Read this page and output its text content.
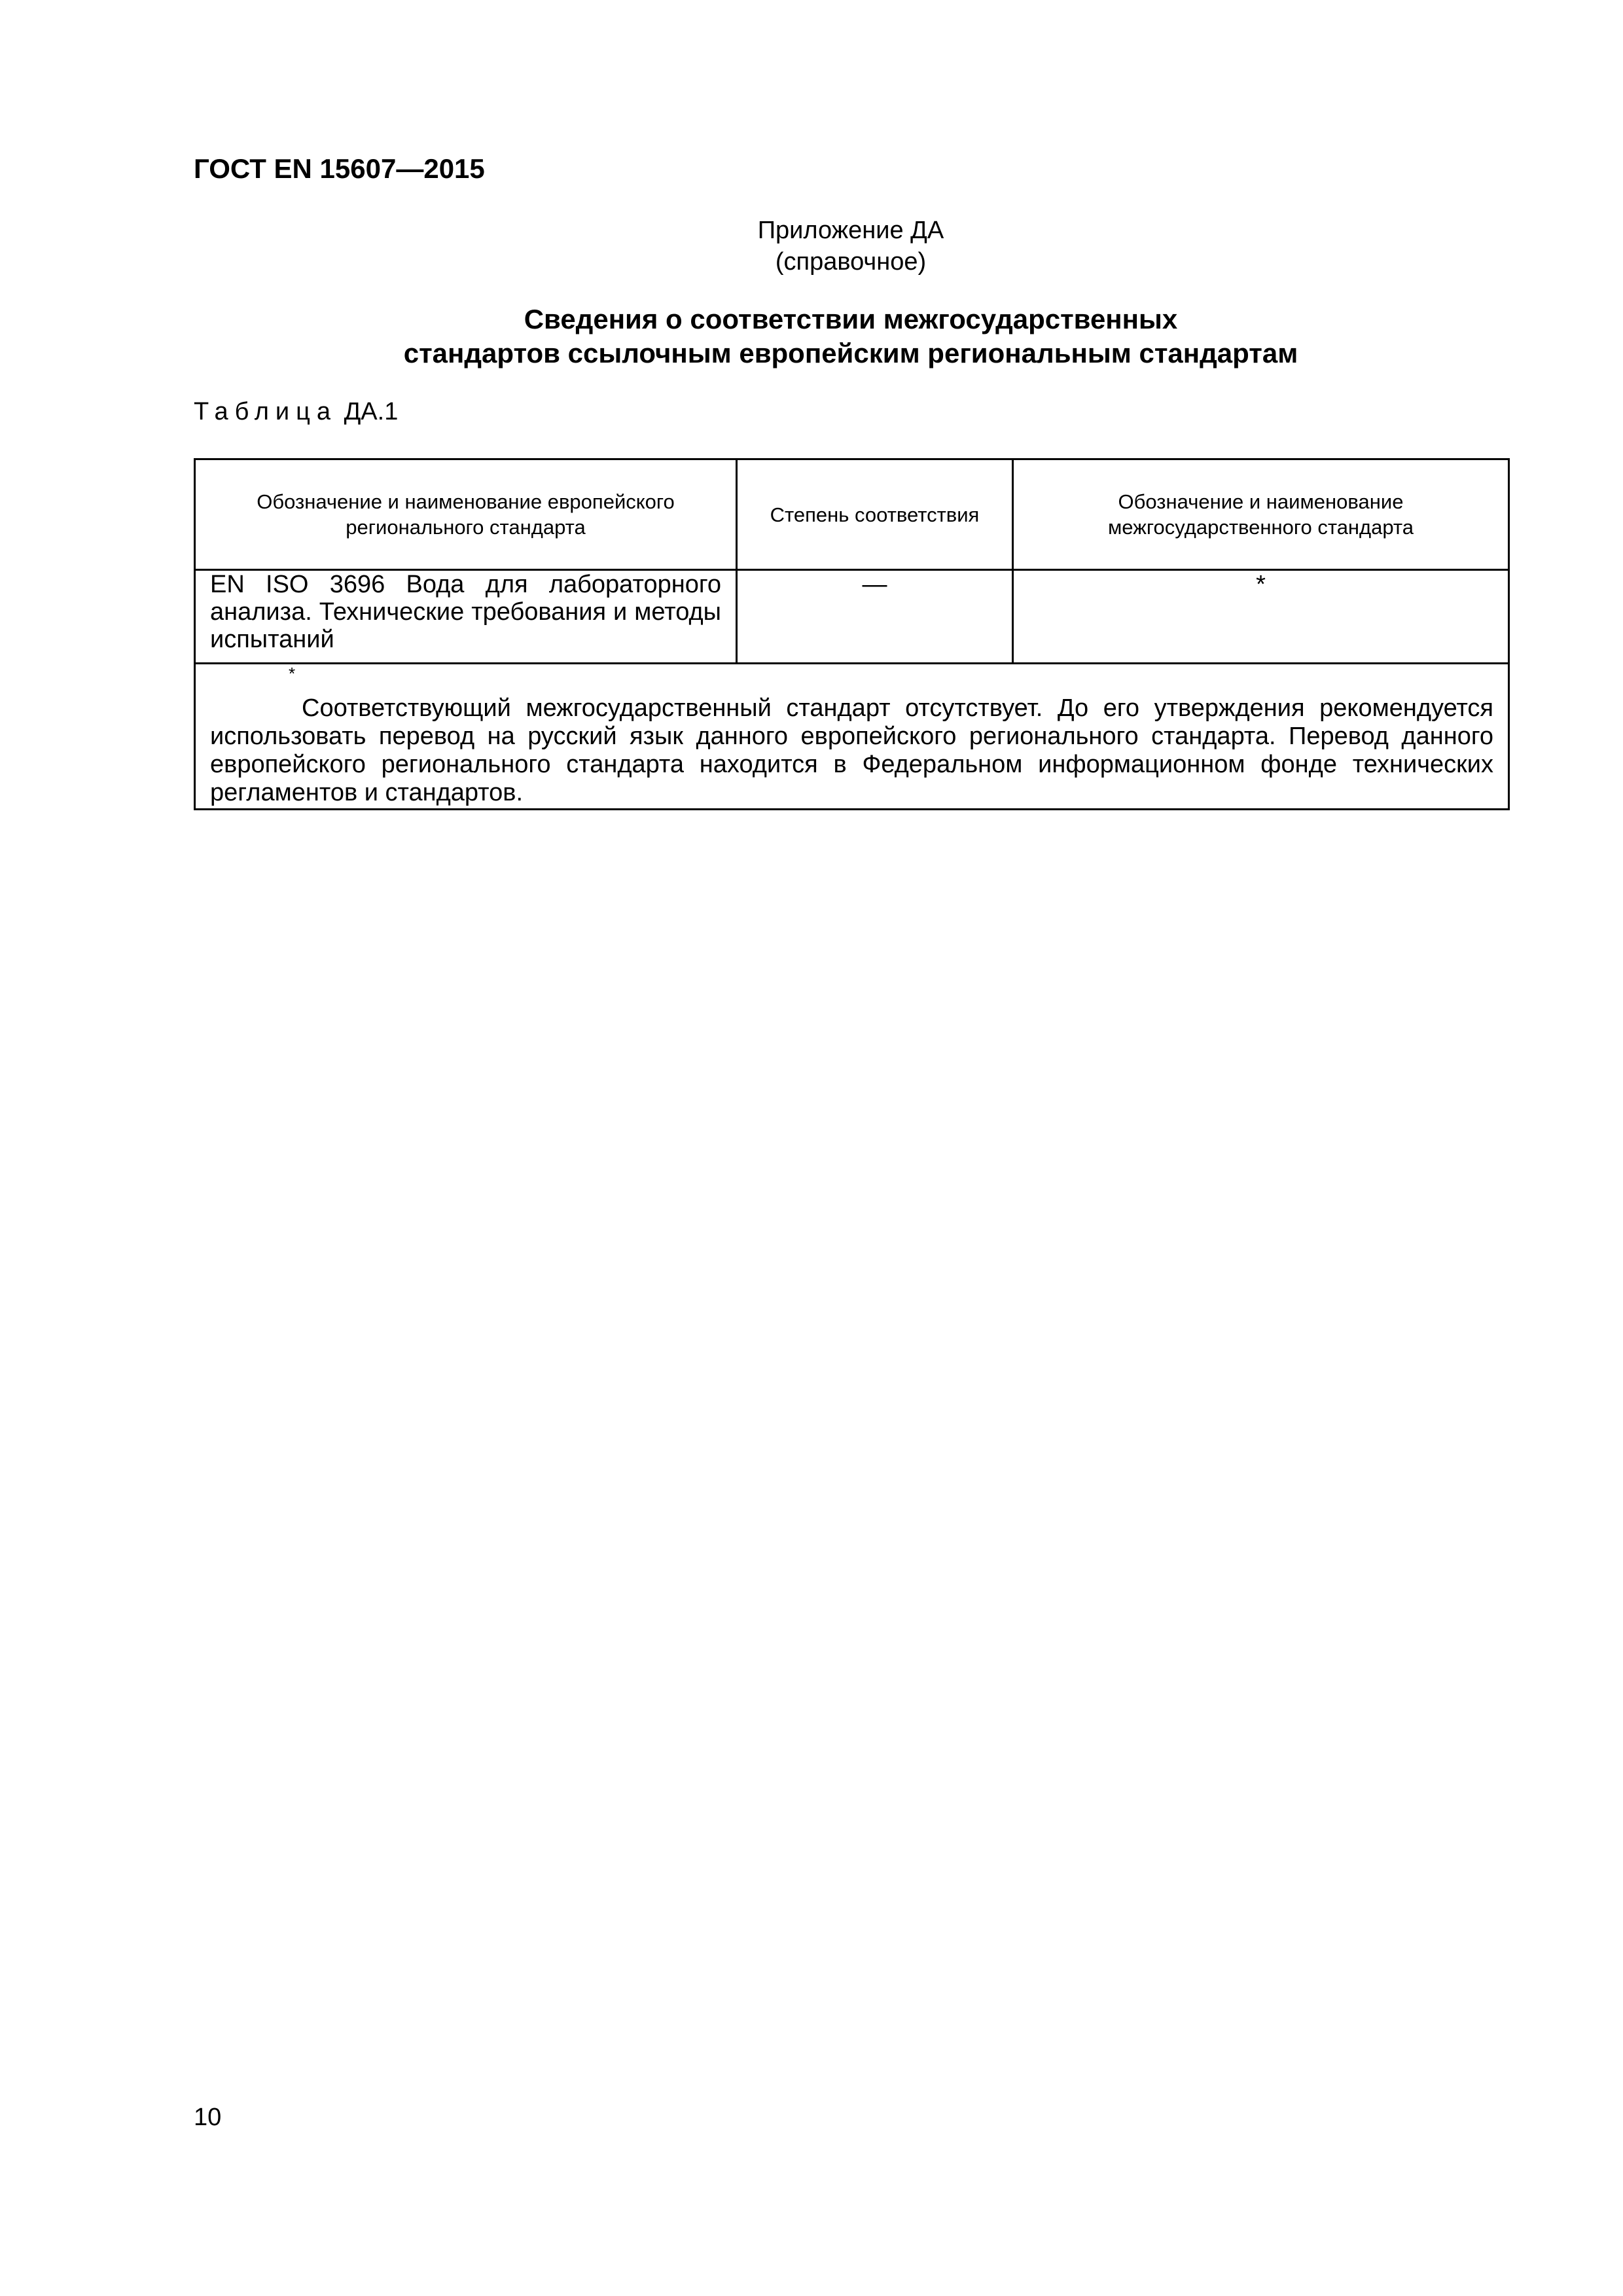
ГОСТ EN 15607—2015
Приложение ДА
(справочное)
Сведения о соответствии межгосударственных
стандартов ссылочным европейским региональным стандартам
Таблица ДА.1
Обозначение и наименование европейского регионального стандарта	Степень соответствия	Обозначение и наименование межгосударственного стандарта
EN ISO 3696 Вода для лабораторного анализа. Технические требования и методы испытаний	—	*
*
Соответствующий межгосударственный стандарт отсутствует. До его утверждения рекомендуется использовать перевод на русский язык данного европейского регионального стандарта. Перевод данного европейского регионального стандарта находится в Федеральном информационном фонде технических регламентов и стандартов.		
10
